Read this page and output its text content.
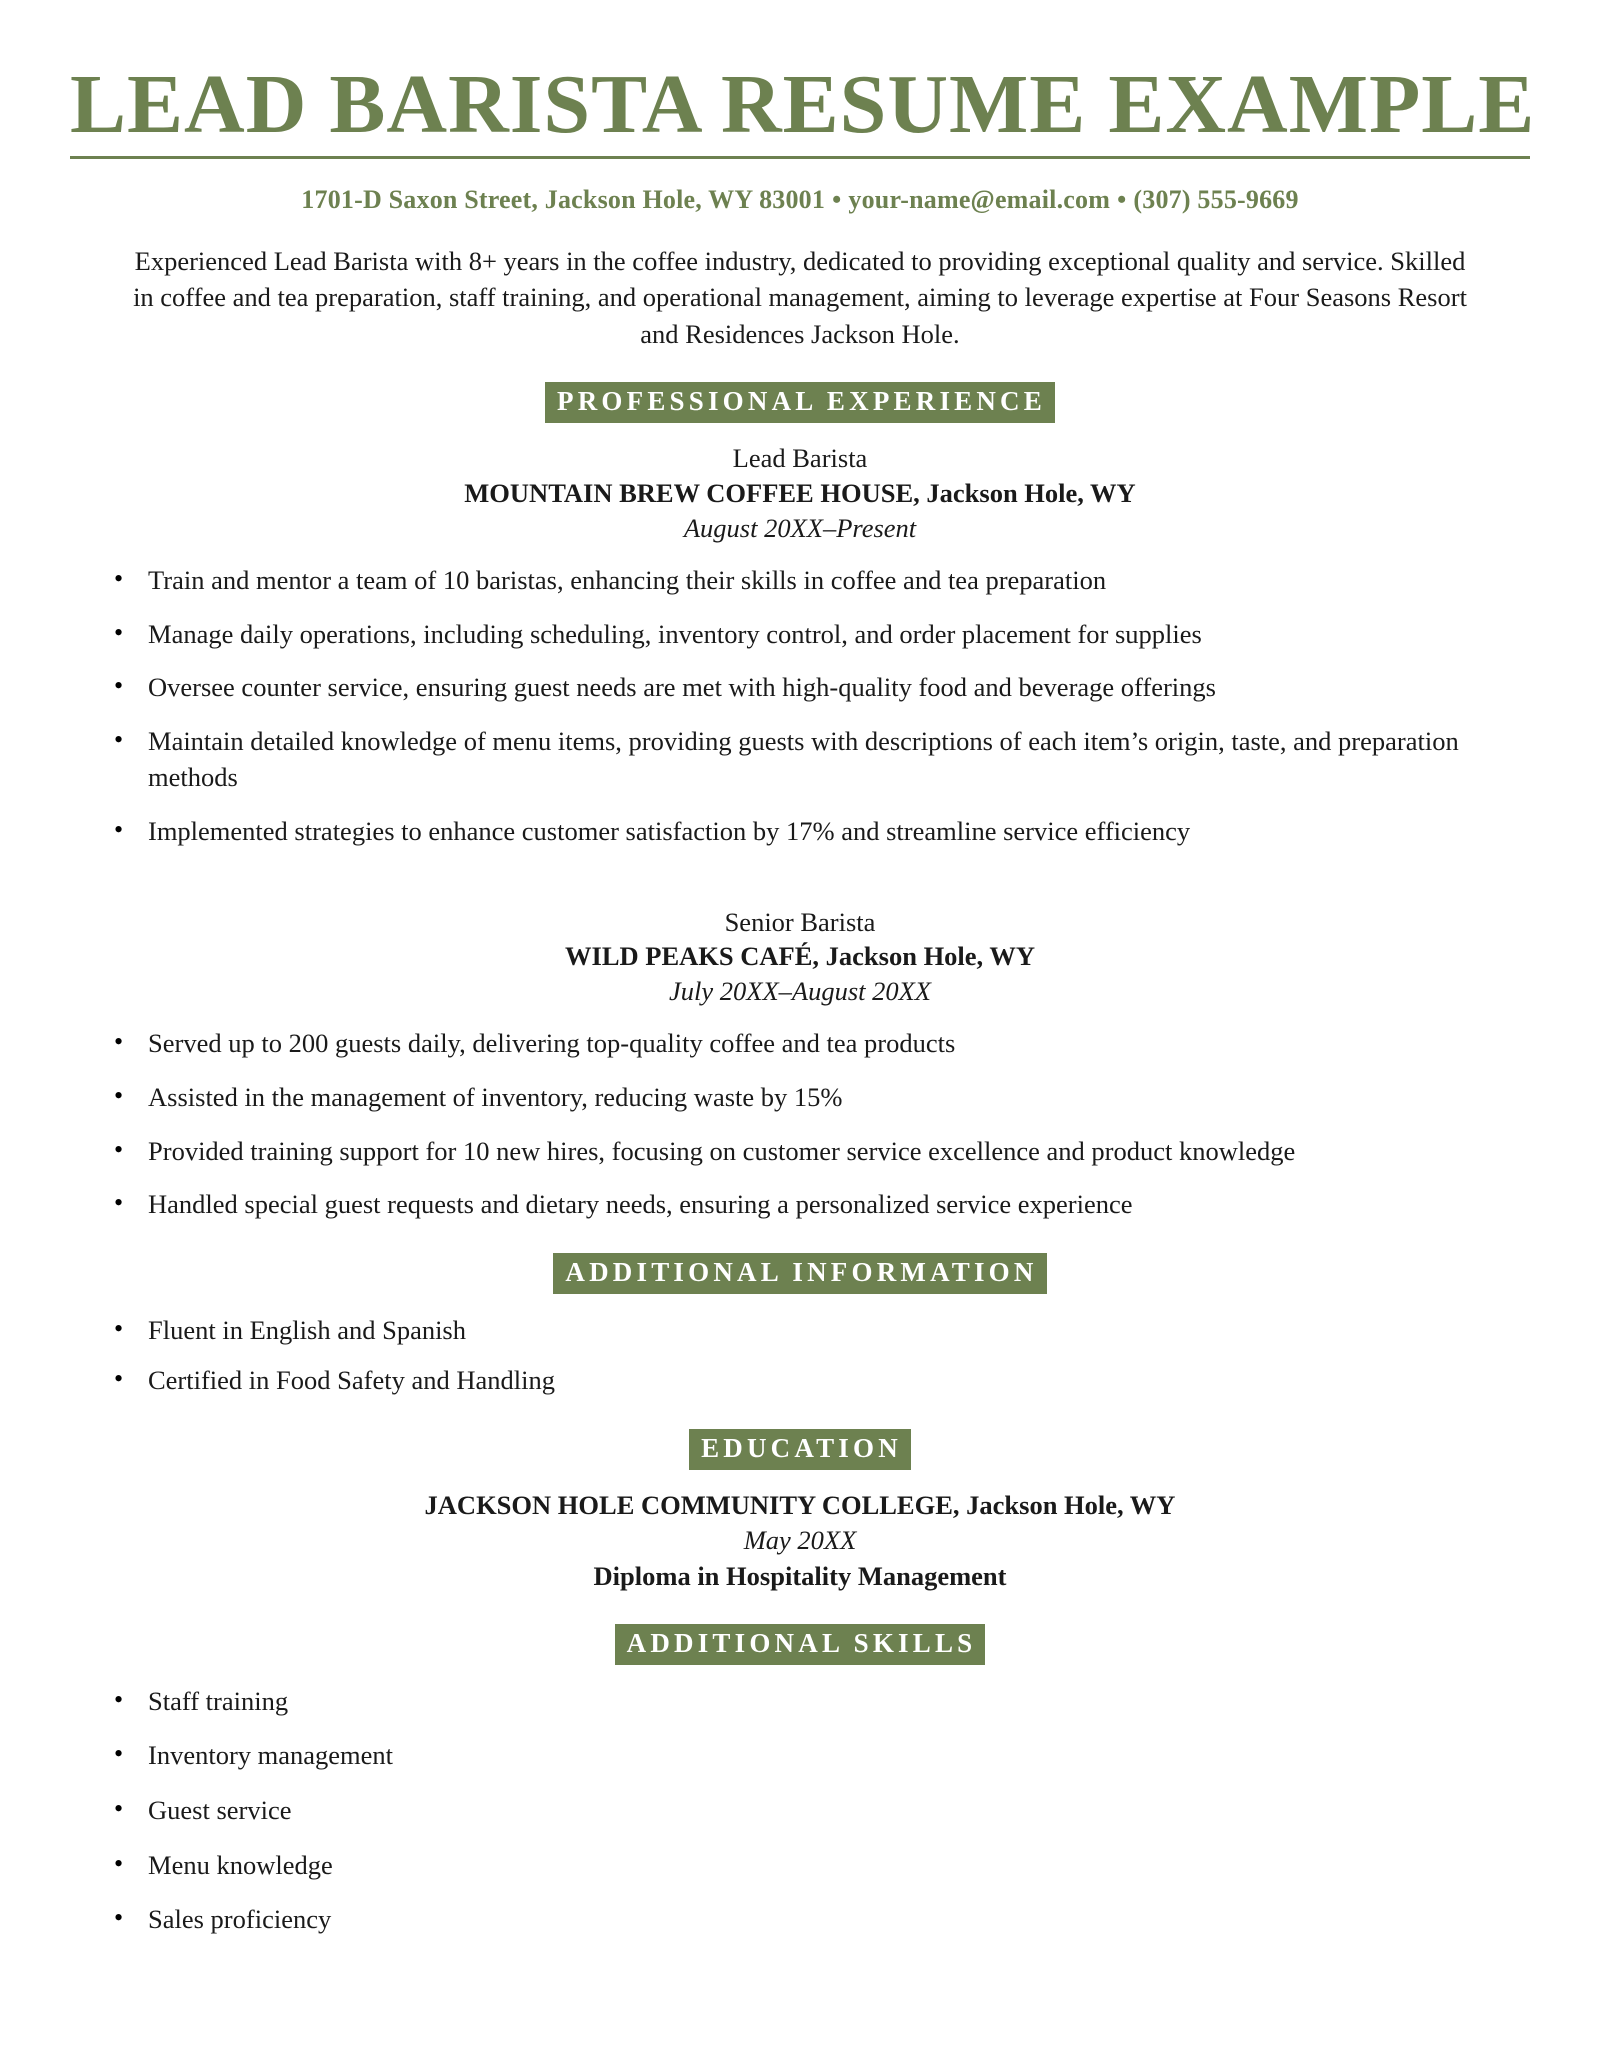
LEAD BARISTA RESUME EXAMPLE
1701-D Saxon Street, Jackson Hole, WY 83001 • your-name@email.com • (307) 555-9669

Experienced Lead Barista with 8+ years in the coffee industry, dedicated to providing exceptional quality and service. Skilled in coffee and tea preparation, staff training, and operational management, aiming to leverage expertise at Four Seasons Resort and Residences Jackson Hole.

PROFESSIONAL EXPERIENCE
Lead Barista
MOUNTAIN BREW COFFEE HOUSE, Jackson Hole, WY
August 20XX–Present
• Train and mentor a team of 10 baristas, enhancing their skills in coffee and tea preparation
• Manage daily operations, including scheduling, inventory control, and order placement for supplies
• Oversee counter service, ensuring guest needs are met with high-quality food and beverage offerings
• Maintain detailed knowledge of menu items, providing guests with descriptions of each item’s origin, taste, and preparation methods
• Implemented strategies to enhance customer satisfaction by 17% and streamline service efficiency
Senior Barista
WILD PEAKS CAFÉ, Jackson Hole, WY
July 20XX–August 20XX
• Served up to 200 guests daily, delivering top-quality coffee and tea products
• Assisted in the management of inventory, reducing waste by 15%
• Provided training support for 10 new hires, focusing on customer service excellence and product knowledge
• Handled special guest requests and dietary needs, ensuring a personalized service experience
ADDITIONAL INFORMATION
• Fluent in English and Spanish
• Certified in Food Safety and Handling
EDUCATION
JACKSON HOLE COMMUNITY COLLEGE, Jackson Hole, WY
May 20XX
Diploma in Hospitality Management
ADDITIONAL SKILLS
• Staff training
• Inventory management
• Guest service
• Menu knowledge
• Sales proficiency
